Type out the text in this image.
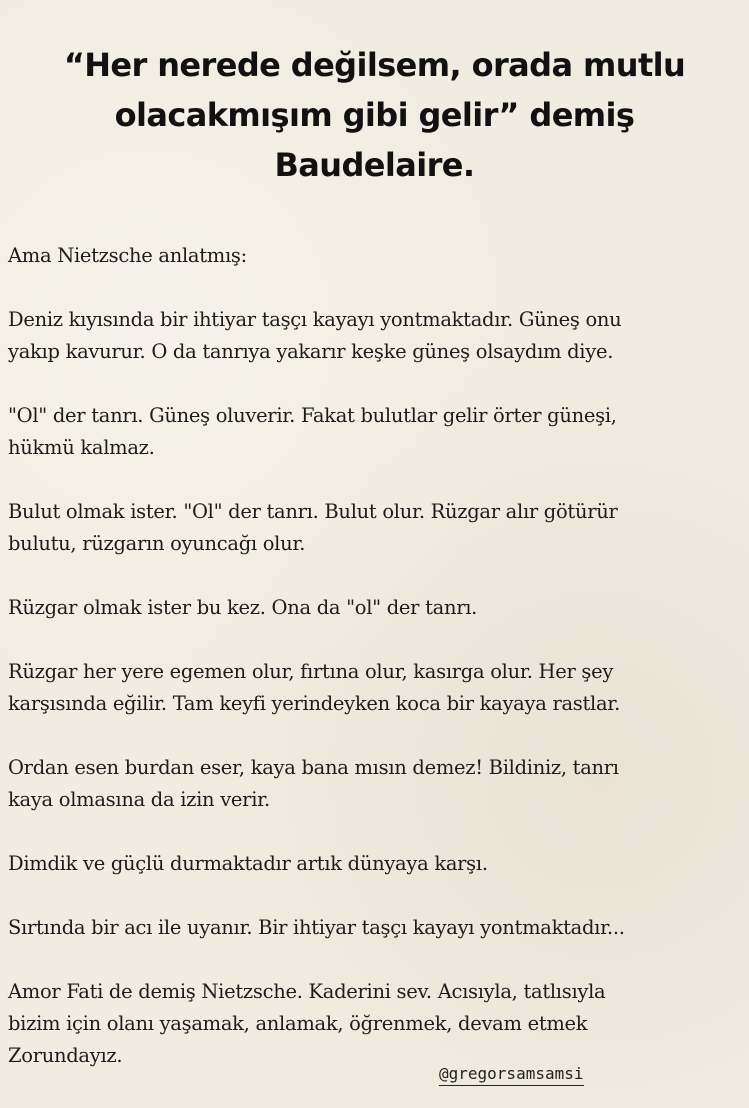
“Her nerede değilsem, orada mutlu
olacakmışım gibi gelir” demiş
Baudelaire.

Ama Nietzsche anlatmış:

Deniz kıyısında bir ihtiyar taşçı kayayı yontmaktadır. Güneş onu
yakıp kavurur. O da tanrıya yakarır keşke güneş olsaydım diye.

"Ol" der tanrı. Güneş oluverir. Fakat bulutlar gelir örter güneşi,
hükmü kalmaz.

Bulut olmak ister. "Ol" der tanrı. Bulut olur. Rüzgar alır götürür
bulutu, rüzgarın oyuncağı olur.

Rüzgar olmak ister bu kez. Ona da "ol" der tanrı.

Rüzgar her yere egemen olur, fırtına olur, kasırga olur. Her şey
karşısında eğilir. Tam keyfi yerindeyken koca bir kayaya rastlar.

Ordan esen burdan eser, kaya bana mısın demez! Bildiniz, tanrı
kaya olmasına da izin verir.

Dimdik ve güçlü durmaktadır artık dünyaya karşı.

Sırtında bir acı ile uyanır. Bir ihtiyar taşçı kayayı yontmaktadır...

Amor Fati de demiş Nietzsche. Kaderini sev. Acısıyla, tatlısıyla
bizim için olanı yaşamak, anlamak, öğrenmek, devam etmek
Zorundayız.

@gregorsamsamsi
